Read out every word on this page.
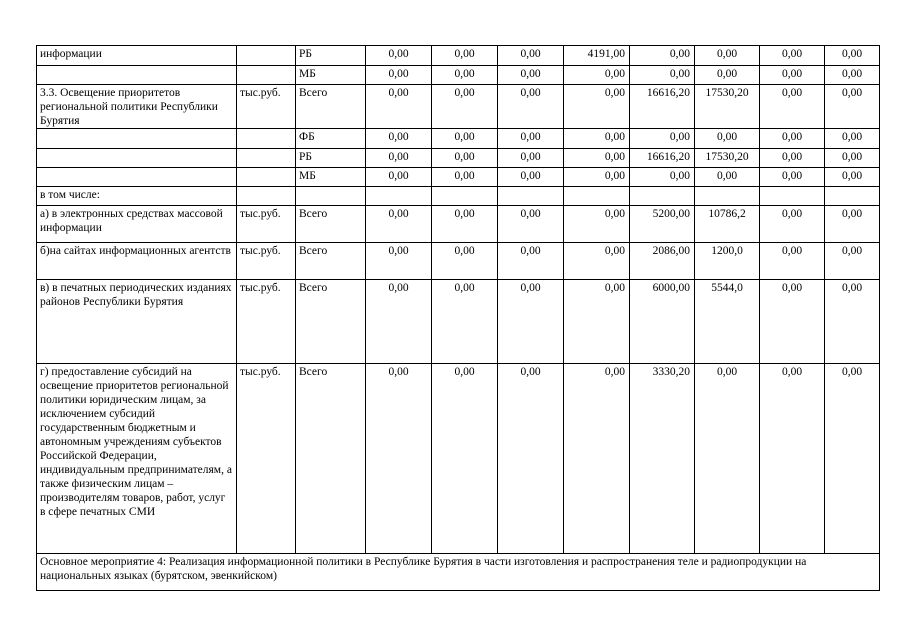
информации		РБ	0,00	0,00	0,00	4191,00	0,00	0,00	0,00	0,00
		МБ	0,00	0,00	0,00	0,00	0,00	0,00	0,00	0,00
3.3. Освещение приоритетов региональной политики Республики Бурятия	тыс.руб.	Всего	0,00	0,00	0,00	0,00	16616,20	17530,20	0,00	0,00
		ФБ	0,00	0,00	0,00	0,00	0,00	0,00	0,00	0,00
		РБ	0,00	0,00	0,00	0,00	16616,20	17530,20	0,00	0,00
		МБ	0,00	0,00	0,00	0,00	0,00	0,00	0,00	0,00
в том числе:										
а) в электронных средствах массовой информации	тыс.руб.	Всего	0,00	0,00	0,00	0,00	5200,00	10786,2	0,00	0,00
б)на сайтах информационных агентств	тыс.руб.	Всего	0,00	0,00	0,00	0,00	2086,00	1200,0	0,00	0,00
в) в печатных периодических изданиях районов Республики Бурятия	тыс.руб.	Всего	0,00	0,00	0,00	0,00	6000,00	5544,0	0,00	0,00
г) предоставление субсидий на освещение приоритетов региональной политики юридическим лицам, за исключением субсидий государственным бюджетным и автономным учреждениям субъектов Российской Федерации, индивидуальным предпринимателям, а также физическим лицам – производителям товаров, работ, услуг в сфере печатных СМИ	тыс.руб.	Всего	0,00	0,00	0,00	0,00	3330,20	0,00	0,00	0,00
Основное мероприятие 4: Реализация информационной политики в Республике Бурятия в части изготовления и распространения теле и радиопродукции на национальных языках (бурятском, эвенкийском)										
